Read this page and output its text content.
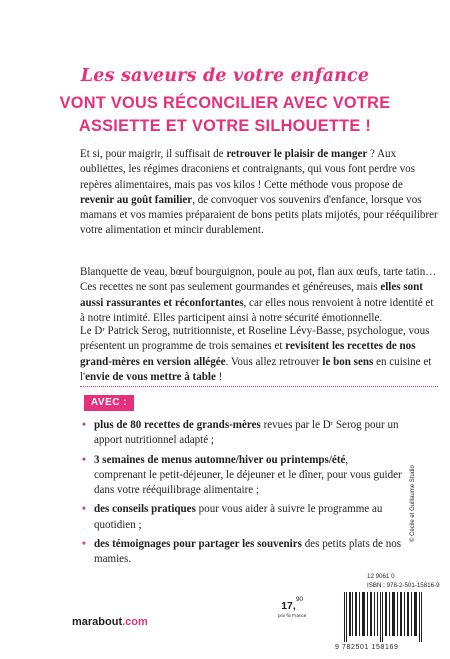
Les saveurs de votre enfance
VONT VOUS RÉCONCILIER AVEC VOTRE
ASSIETTE ET VOTRE SILHOUETTE !

Et si, pour maigrir, il suffisait de retrouver le plaisir de manger ? Aux oubliettes, les régimes draconiens et contraignants, qui vous font perdre vos repères alimentaires, mais pas vos kilos ! Cette méthode vous propose de revenir au goût familier, de convoquer vos souvenirs d'enfance, lorsque vos mamans et vos mamies préparaient de bons petits plats mijotés, pour rééquilibrer votre alimentation et mincir durablement.

Blanquette de veau, bœuf bourguignon, poule au pot, flan aux œufs, tarte tatin… Ces recettes ne sont pas seulement gourmandes et généreuses, mais elles sont aussi rassurantes et réconfortantes, car elles nous renvoient à notre identité et à notre intimité. Elles participent ainsi à notre sécurité émotionnelle.

Le Dʳ Patrick Serog, nutritionniste, et Roseline Lévy-Basse, psychologue, vous présentent un programme de trois semaines et revisitent les recettes de nos grand-mères en version allégée. Vous allez retrouver le bon sens en cuisine et l'envie de vous mettre à table !

AVEC :
• plus de 80 recettes de grands-mères revues par le Dʳ Serog pour un apport nutritionnel adapté ;
• 3 semaines de menus automne/hiver ou printemps/été, comprenant le petit-déjeuner, le déjeuner et le dîner, pour vous guider dans votre rééquilibrage alimentaire ;
• des conseils pratiques pour vous aider à suivre le programme au quotidien ;
• des témoignages pour partager les souvenirs des petits plats de nos mamies.
© Cécile et Guillaume Studio
12 9061 0
ISBN : 978-2-501-15816-9
17,90
prix fix France
marabout.com
9 782501 158169
